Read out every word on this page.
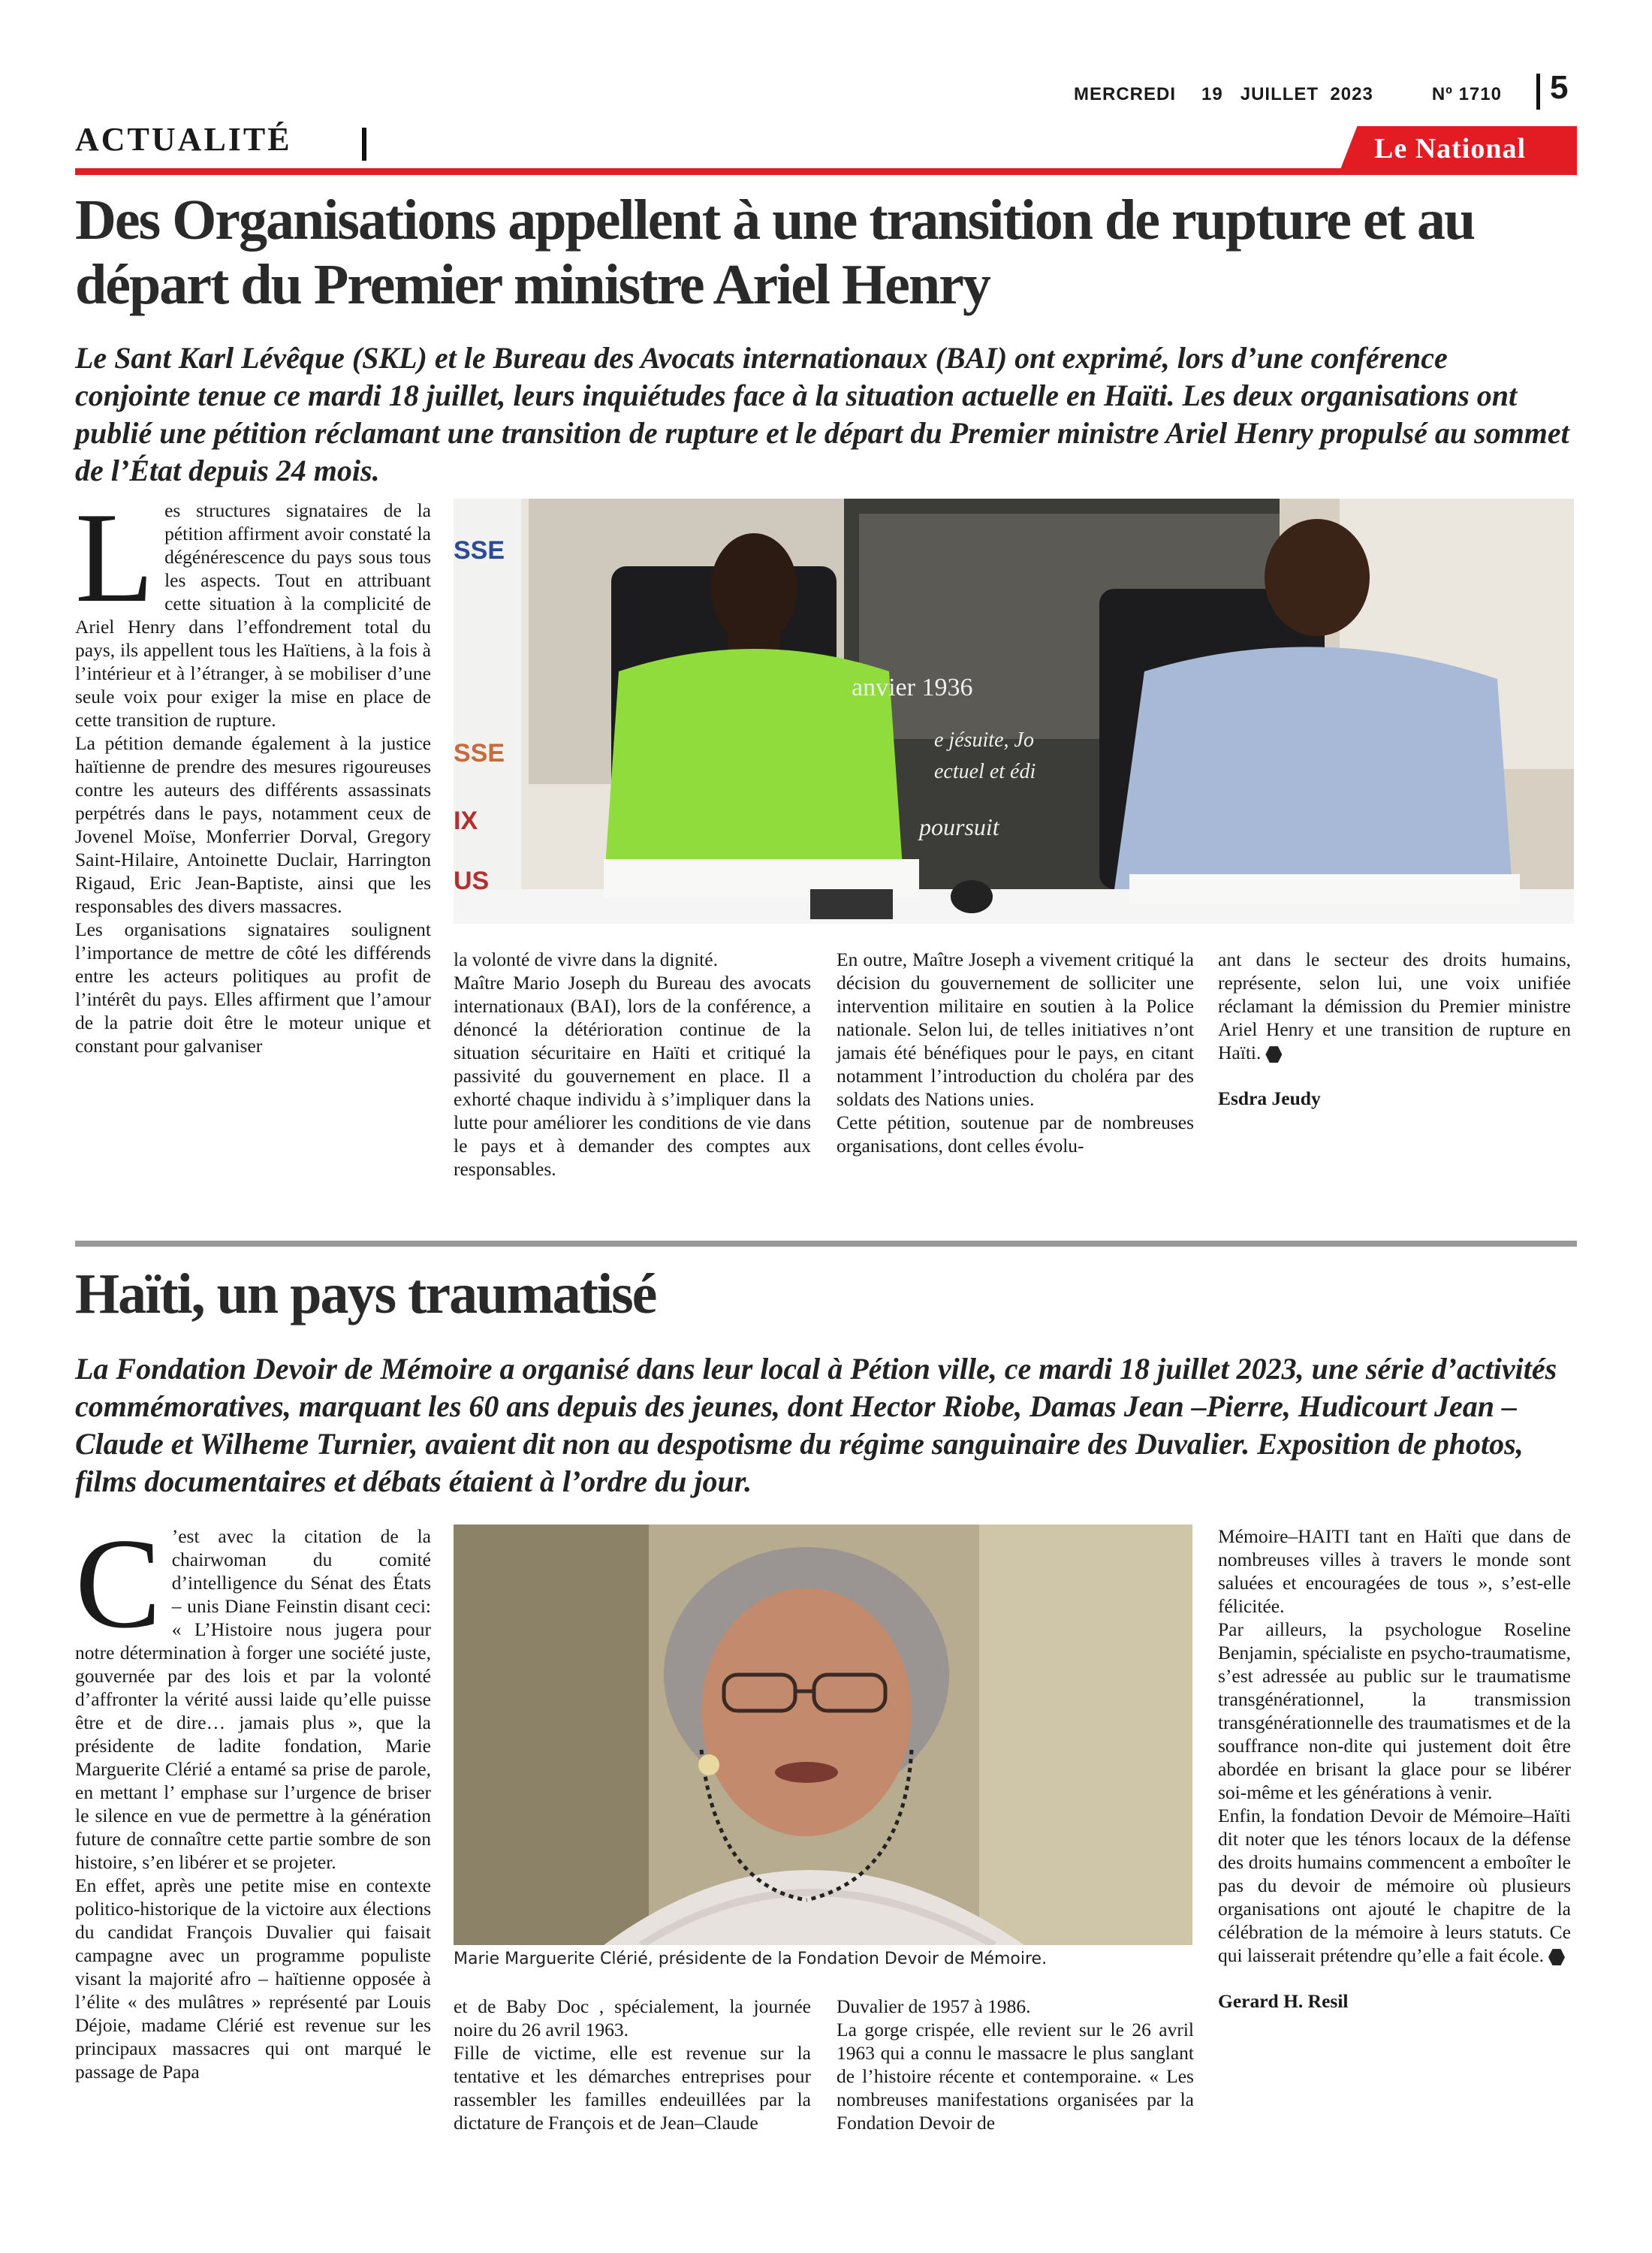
MERCREDI 19 JUILLET 2023	Nº 1710 5
ACTUALITÉ	Le National
Des Organisations appellent à une transition de rupture et au départ du Premier ministre Ariel Henry
Le Sant Karl Lévêque (SKL) et le Bureau des Avocats internationaux (BAI) ont exprimé, lors d’une conférence conjointe tenue ce mardi 18 juillet, leurs inquiétudes face à la situation actuelle en Haïti. Les deux organisations ont publié une pétition réclamant une transition de rupture et le départ du Premier ministre Ariel Henry propulsé au sommet de l’État depuis 24 mois.
L es structures signataires de la pétition affirment avoir constaté la dégénérescence du pays sous tous les aspects. Tout en attribuant cette situation à la complicité de Ariel Henry dans l’effondrement total du pays, ils appellent tous les Haïtiens, à la fois à l’intérieur et à l’étranger, à se mobiliser d’une seule voix pour exiger la mise en place de cette transition de rupture.

La pétition demande également à la justice haïtienne de prendre des mesures rigoureuses contre les auteurs des différents assassinats perpétrés dans le pays, notamment ceux de Jovenel Moïse, Monferrier Dorval, Gregory Saint-Hilaire, Antoinette Duclair, Harrington Rigaud, Eric Jean-Baptiste, ainsi que les responsables des divers massacres.

Les organisations signataires soulignent l’importance de mettre de côté les différends entre les acteurs politiques au profit de l’intérêt du pays. Elles affirment que l’amour de la patrie doit être le moteur unique et constant pour galvaniser

anvier 1936
e jésuite, Jo
ectuel et édi
poursuit
SSE
SSE
IX
US

la volonté de vivre dans la dignité.

Maître Mario Joseph du Bureau des avocats internationaux (BAI), lors de la conférence, a dénoncé la détérioration continue de la situation sécuritaire en Haïti et critiqué la passivité du gouvernement en place. Il a exhorté chaque individu à s’impliquer dans la lutte pour améliorer les conditions de vie dans le pays et à demander des comptes aux responsables.

En outre, Maître Joseph a vivement critiqué la décision du gouvernement de solliciter une intervention militaire en soutien à la Police nationale. Selon lui, de telles initiatives n’ont jamais été bénéfiques pour le pays, en citant notamment l’introduction du choléra par des soldats des Nations unies.

Cette pétition, soutenue par de nombreuses organisations, dont celles évolu-

ant dans le secteur des droits humains, représente, selon lui, une voix unifiée réclamant la démission du Premier ministre Ariel Henry et une transition de rupture en Haïti.

Esdra Jeudy

Haïti, un pays traumatisé
La Fondation Devoir de Mémoire a organisé dans leur local à Pétion ville, ce mardi 18 juillet 2023, une série d’activités commémoratives, marquant les 60 ans depuis des jeunes, dont Hector Riobe, Damas Jean –Pierre, Hudicourt Jean –Claude et Wilheme Turnier, avaient dit non au despotisme du régime sanguinaire des Duvalier. Exposition de photos, films documentaires et débats étaient à l’ordre du jour.
C ’est avec la citation de la chairwoman du comité d’intelligence du Sénat des États – unis Diane Feinstin disant ceci: « L’Histoire nous jugera pour notre détermination à forger une société juste, gouvernée par des lois et par la volonté d’affronter la vérité aussi laide qu’elle puisse être et de dire… jamais plus », que la présidente de ladite fondation, Marie Marguerite Clérié a entamé sa prise de parole, en mettant l’ emphase sur l’urgence de briser le silence en vue de permettre à la génération future de connaître cette partie sombre de son histoire, s’en libérer et se projeter.

En effet, après une petite mise en contexte politico-historique de la victoire aux élections du candidat François Duvalier qui faisait campagne avec un programme populiste visant la majorité afro – haïtienne opposée à l’élite « des mulâtres » représenté par Louis Déjoie, madame Clérié est revenue sur les principaux massacres qui ont marqué le passage de Papa

Marie Marguerite Clérié, présidente de la Fondation Devoir de Mémoire.

et de Baby Doc , spécialement, la journée noire du 26 avril 1963.

Fille de victime, elle est revenue sur la tentative et les démarches entreprises pour rassembler les familles endeuillées par la dictature de François et de Jean–Claude

Duvalier de 1957 à 1986.

La gorge crispée, elle revient sur le 26 avril 1963 qui a connu le massacre le plus sanglant de l’histoire récente et contemporaine. « Les nombreuses manifestations organisées par la Fondation Devoir de

Mémoire–HAITI tant en Haïti que dans de nombreuses villes à travers le monde sont saluées et encouragées de tous », s’est-elle félicitée.

Par ailleurs, la psychologue Roseline Benjamin, spécialiste en psycho-traumatisme, s’est adressée au public sur le traumatisme transgénérationnel, la transmission transgénérationnelle des traumatismes et de la souffrance non-dite qui justement doit être abordée en brisant la glace pour se libérer soi-même et les générations à venir.

Enfin, la fondation Devoir de Mémoire–Haïti dit noter que les ténors locaux de la défense des droits humains commencent a emboîter le pas du devoir de mémoire où plusieurs organisations ont ajouté le chapitre de la célébration de la mémoire à leurs statuts. Ce qui laisserait prétendre qu’elle a fait école.

Gerard H. Resil
